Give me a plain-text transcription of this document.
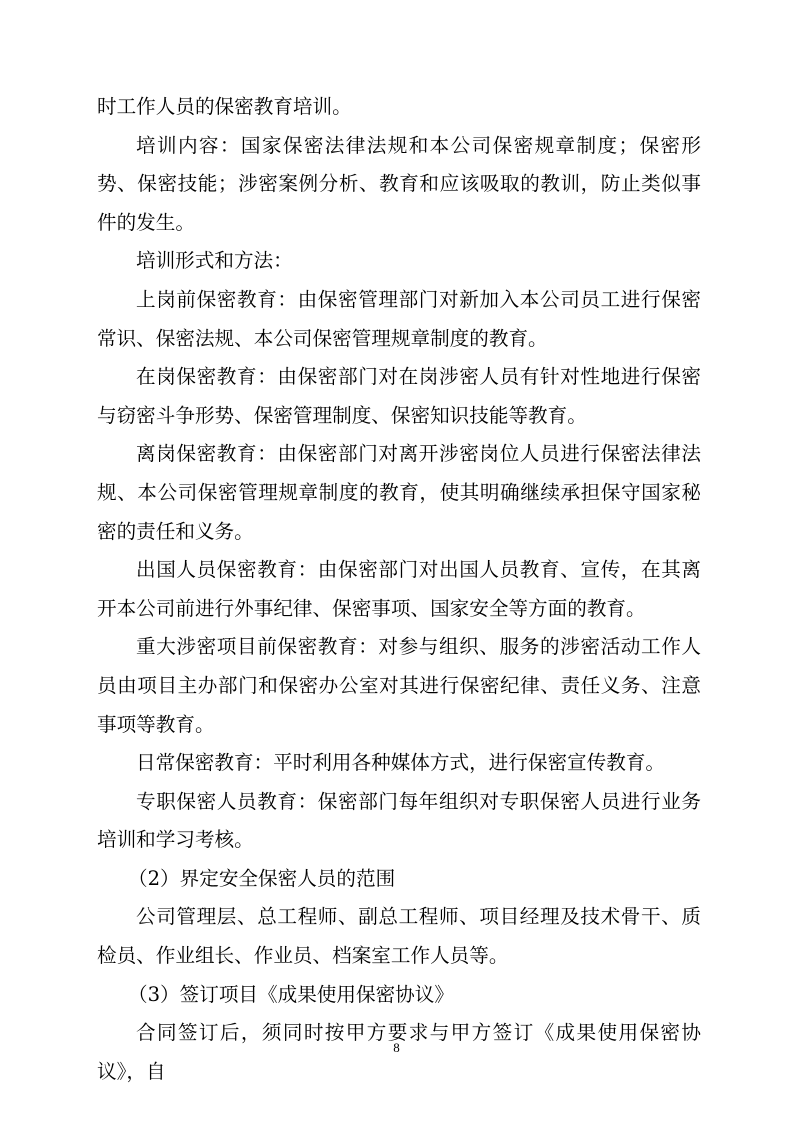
时工作人员的保密教育培训。

培训内容：国家保密法律法规和本公司保密规章制度；保密形势、保密技能；涉密案例分析、教育和应该吸取的教训，防止类似事件的发生。

培训形式和方法：

上岗前保密教育：由保密管理部门对新加入本公司员工进行保密常识、保密法规、本公司保密管理规章制度的教育。

在岗保密教育：由保密部门对在岗涉密人员有针对性地进行保密与窃密斗争形势、保密管理制度、保密知识技能等教育。

离岗保密教育：由保密部门对离开涉密岗位人员进行保密法律法规、本公司保密管理规章制度的教育，使其明确继续承担保守国家秘密的责任和义务。

出国人员保密教育：由保密部门对出国人员教育、宣传，在其离开本公司前进行外事纪律、保密事项、国家安全等方面的教育。

重大涉密项目前保密教育：对参与组织、服务的涉密活动工作人员由项目主办部门和保密办公室对其进行保密纪律、责任义务、注意事项等教育。

日常保密教育：平时利用各种媒体方式，进行保密宣传教育。

专职保密人员教育：保密部门每年组织对专职保密人员进行业务培训和学习考核。

（2）界定安全保密人员的范围

公司管理层、总工程师、副总工程师、项目经理及技术骨干、质检员、作业组长、作业员、档案室工作人员等。

（3）签订项目《成果使用保密协议》

合同签订后，须同时按甲方要求与甲方签订《成果使用保密协议》，自

8
